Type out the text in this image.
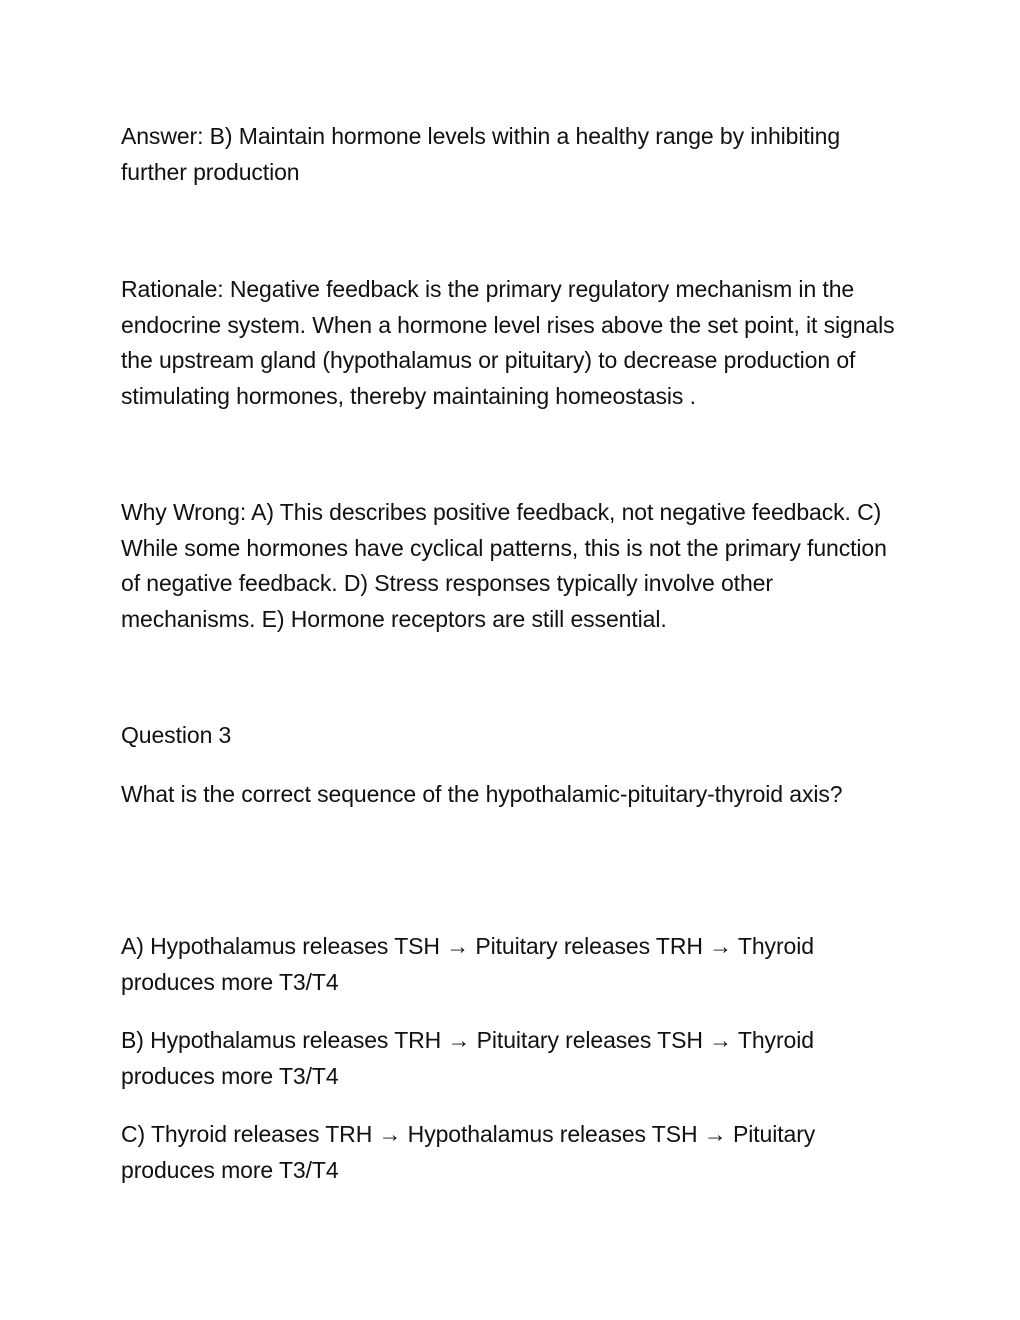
Answer: B) Maintain hormone levels within a healthy range by inhibiting further production

Rationale: Negative feedback is the primary regulatory mechanism in the endocrine system. When a hormone level rises above the set point, it signals the upstream gland (hypothalamus or pituitary) to decrease production of stimulating hormones, thereby maintaining homeostasis .

Why Wrong: A) This describes positive feedback, not negative feedback. C) While some hormones have cyclical patterns, this is not the primary function of negative feedback. D) Stress responses typically involve other mechanisms. E) Hormone receptors are still essential.

Question 3

What is the correct sequence of the hypothalamic-pituitary-thyroid axis?

A) Hypothalamus releases TSH → Pituitary releases TRH → Thyroid produces more T3/T4

B) Hypothalamus releases TRH → Pituitary releases TSH → Thyroid produces more T3/T4

C) Thyroid releases TRH → Hypothalamus releases TSH → Pituitary produces more T3/T4
